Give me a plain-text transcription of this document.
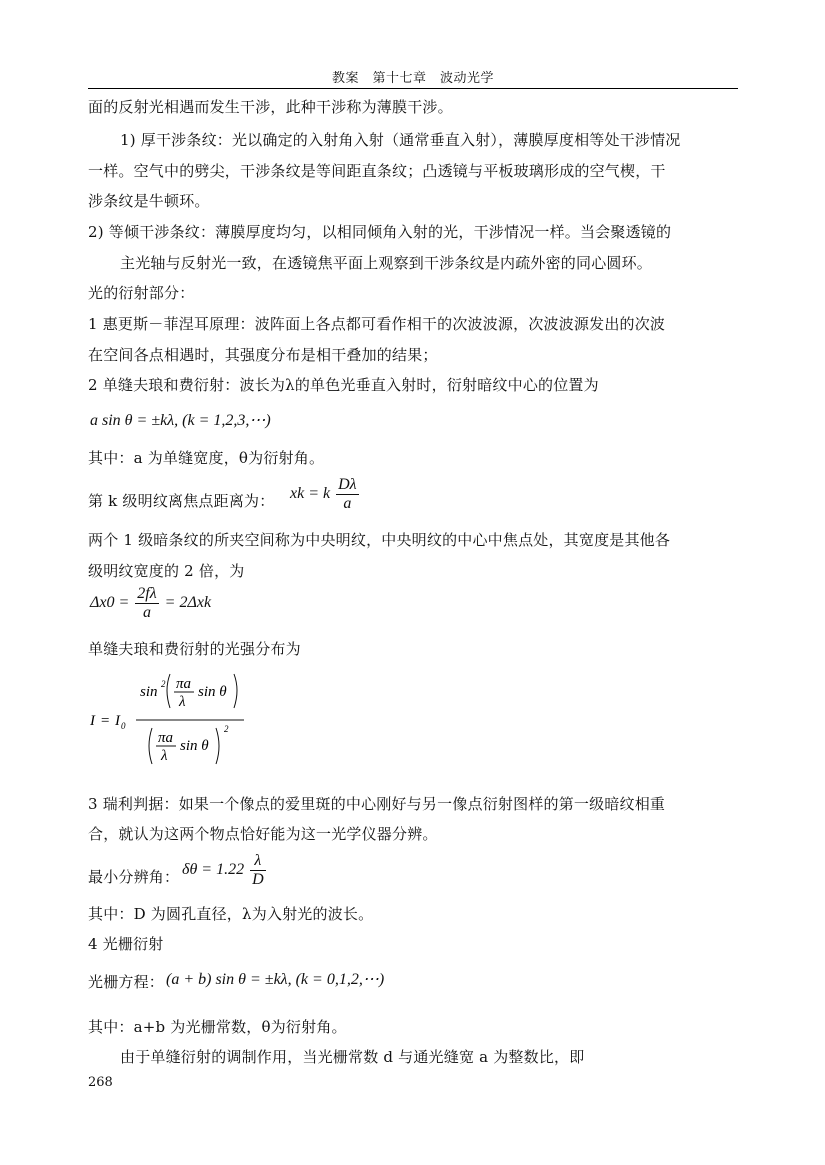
教案　第十七章　波动光学
面的反射光相遇而发生干涉，此种干涉称为薄膜干涉。
1) 厚干涉条纹：光以确定的入射角入射（通常垂直入射），薄膜厚度相等处干涉情况
一样。空气中的劈尖，干涉条纹是等间距直条纹；凸透镜与平板玻璃形成的空气楔，干
涉条纹是牛顿环。
2) 等倾干涉条纹：薄膜厚度均匀，以相同倾角入射的光，干涉情况一样。当会聚透镜的
主光轴与反射光一致，在透镜焦平面上观察到干涉条纹是内疏外密的同心圆环。
光的衍射部分：
1 惠更斯－菲涅耳原理：波阵面上各点都可看作相干的次波波源，次波波源发出的次波
在空间各点相遇时，其强度分布是相干叠加的结果；
2 单缝夫琅和费衍射：波长为λ的单色光垂直入射时，衍射暗纹中心的位置为
a sin θ = ±kλ, (k = 1,2,3,⋯)
其中：a 为单缝宽度，θ为衍射角。
第 k 级明纹离焦点距离为： xk = k $\frac{D\lambda}{a}$
两个 1 级暗条纹的所夹空间称为中央明纹，中央明纹的中心中焦点处，其宽度是其他各
级明纹宽度的 2 倍，为
$\Delta x0 = \frac{2f\lambda}{a} = 2\Delta xk$
单缝夫琅和费衍射的光强分布为
I = I 0
sin 2 πa
λ
sin θ
πa
λ
sin θ
2
3 瑞利判据：如果一个像点的爱里斑的中心刚好与另一像点衍射图样的第一级暗纹相重
合，就认为这两个物点恰好能为这一光学仪器分辨。
最小分辨角： $\delta\theta = 1.22 \frac{\lambda}{D}$
其中：D 为圆孔直径，λ为入射光的波长。
4 光栅衍射
光栅方程： (a + b) sin θ = ±kλ, (k = 0,1,2,⋯)
其中：a+b 为光栅常数，θ为衍射角。
由于单缝衍射的调制作用，当光栅常数 d 与通光缝宽 a 为整数比，即
268
